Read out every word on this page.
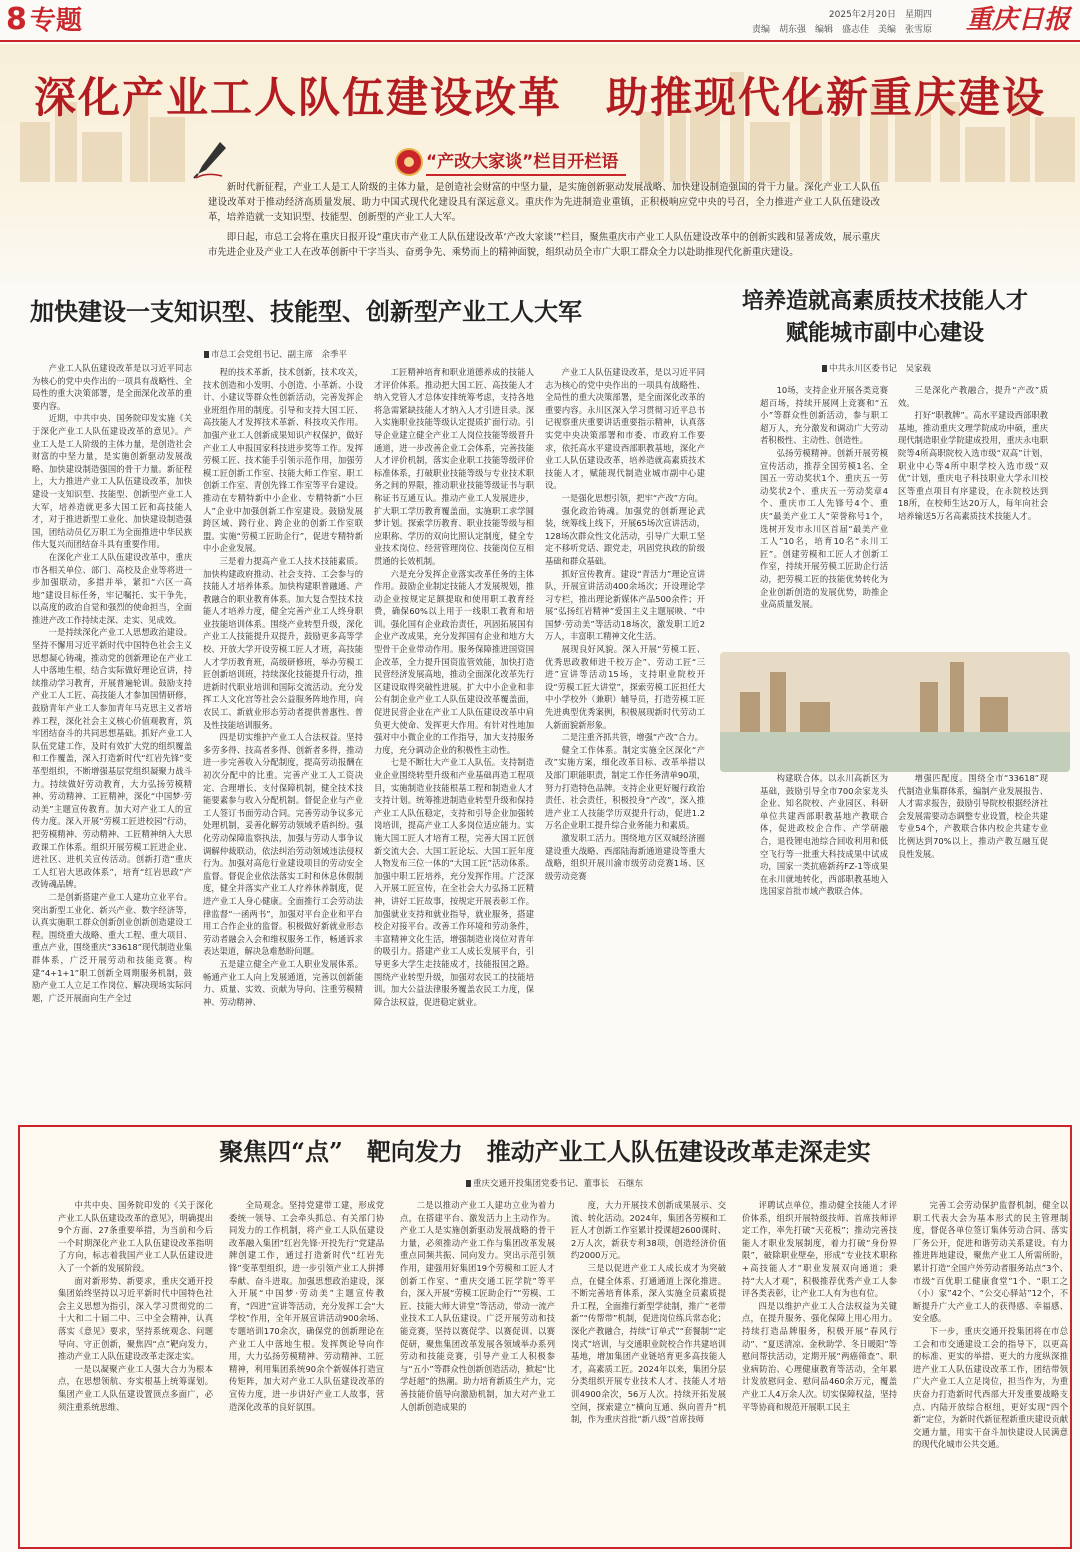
8 专题	2025年2月20日　星期四
责编　胡东强　编辑　盛志佳　美编　张雪原 重庆日报
深化产业工人队伍建设改革　助推现代化新重庆建设
“产改大家谈”栏目开栏语

新时代新征程，产业工人是工人阶级的主体力量，是创造社会财富的中坚力量，是实施创新驱动发展战略、加快建设制造强国的骨干力量。深化产业工人队伍建设改革对于推动经济高质量发展、助力中国式现代化建设具有深远意义。重庆作为先进制造业重镇，正积极响应党中央的号召，全力推进产业工人队伍建设改革，培养造就一支知识型、技能型、创新型的产业工人大军。

即日起，市总工会将在重庆日报开设“重庆市产业工人队伍建设改革‘产改大家谈’”栏目，聚焦重庆市产业工人队伍建设改革中的创新实践和显著成效，展示重庆市先进企业及产业工人在改革创新中干字当头、奋勇争先、乘势而上的精神面貌，组织动员全市广大职工群众全力以赴助推现代化新重庆建设。

加快建设一支知识型、技能型、创新型产业工人大军
市总工会党组书记、副主席　余季平

产业工人队伍建设改革是以习近平同志为核心的党中央作出的一项具有战略性、全局性的重大决策部署，是全面深化改革的重要内容。

近期，中共中央、国务院印发实施《关于深化产业工人队伍建设改革的意见》。产业工人是工人阶级的主体力量，是创造社会财富的中坚力量，是实施创新驱动发展战略、加快建设制造强国的骨干力量。新征程上，大力推进产业工人队伍建设改革，加快建设一支知识型、技能型、创新型产业工人大军，培养造就更多大国工匠和高技能人才，对于推进新型工业化、加快建设制造强国，团结动员亿万职工为全面推进中华民族伟大复兴而团结奋斗具有重要作用。

在深化产业工人队伍建设改革中，重庆市各相关单位、部门、高校及企业等将进一步加强联动，多措并举，紧扣“六区一高地”建设目标任务，牢记嘱托、实干争先，以高度的政治自觉和强烈的使命担当，全面推进产改工作持续走深、走实、见成效。

一是持续深化产业工人思想政治建设。坚持不懈用习近平新时代中国特色社会主义思想凝心铸魂，推动党的创新理论在产业工人中落地生根，结合实际做好理论宣讲，持续推动学习教育，开展普遍轮训。鼓励支持产业工人工匠、高技能人才参加国情研修，鼓励青年产业工人参加青年马克思主义者培养工程，深化社会主义核心价值观教育，筑牢团结奋斗的共同思想基础。抓好产业工人队伍党建工作，及时有效扩大党的组织覆盖和工作覆盖，深入打造新时代“红岩先锋”变革型组织，不断增强基层党组织凝聚力战斗力。持续做好劳动教育，大力弘扬劳模精神、劳动精神、工匠精神，深化“中国梦·劳动美”主题宣传教育。加大对产业工人的宣传力度。深入开展“劳模工匠进校园”行动，把劳模精神、劳动精神、工匠精神纳入大思政课工作体系。组织开展劳模工匠进企业、进社区、进机关宣传活动。创新打造“重庆工人红岩大思政体系”，培育“红岩思政”产改铸魂品牌。

二是创新搭建产业工人建功立业平台。突出新型工业化、新兴产业、数字经济等，认真实施职工群众创新创业创新创造建设工程。围绕重大战略、重大工程、重大项目、重点产业，围绕重庆“33618”现代制造业集群体系，广泛开展劳动和技能竞赛。构建“4+1+1”职工创新全周期服务机制，鼓励产业工人立足工作岗位、解决现场实际问题，广泛开展面向生产全过

程的技术革新，技术创新，技术攻关，技术创造和小发明、小创造、小革新、小设计、小建议等群众性创新活动，完善发挥企业班组作用的制度。引导和支持大国工匠、高技能人才发挥技术革新、科技攻关作用。加强产业工人创新成果知识产权保护，做好产业工人申报国家科技进步奖等工作。发挥劳模工匠、技术能手引领示范作用，加强劳模工匠创新工作室、技能大师工作室、职工创新工作室、青创先锋工作室等平台建设。推动在专精特新中小企业、专精特新“小巨人”企业中加强创新工作室建设。鼓励发展跨区域、跨行业、跨企业的创新工作室联盟。实施“劳模工匠助企行”，促进专精特新中小企业发展。

三是着力提高产业工人技术技能素质。加快构建政府推动、社会支持、工会参与的技能人才培养体系。加快构建职普融通、产教融合的职业教育体系。加大复合型技术技能人才培养力度，健全完善产业工人终身职业技能培训体系。围绕产业转型升级，深化产业工人技能提升双提升，鼓励更多高等学校、开放大学开设劳模工匠人才班，高技能人才学历教育班，高级研修班，举办劳模工匠创新培训班，持续深化技能提升行动，推进新时代职业培训和国际交流活动。充分发挥工人文化宫等社会公益服务阵地作用，向农民工、新就业形态劳动者提供普惠性、普及性技能培训服务。

四是切实维护产业工人合法权益。坚持多劳多得、技高者多得、创新者多得，推动进一步完善收入分配制度，提高劳动报酬在初次分配中的比重。完善产业工人工资决定、合理增长、支付保障机制，健全技术技能要素参与收入分配机制。督促企业与产业工人签订书面劳动合同。完善劳动争议多元处理机制，妥善化解劳动领域矛盾纠纷。强化劳动保障监察执法，加强与劳动人事争议调解仲裁联动，依法纠治劳动领域违法侵权行为。加强对高危行业建设项目的劳动安全监督。督促企业依法落实工时和休息休假制度，健全并落实产业工人疗养休养制度，促进产业工人身心健康。全面推行工会劳动法律监督“一函两书”，加强对平台企业和平台用工合作企业的监督。积极做好新就业形态劳动者融会入会和维权服务工作，畅通诉求表达渠道，解决急难愁盼问题。

五是建立健全产业工人职业发展体系。畅通产业工人向上发展通道，完善以创新能力、质量、实效、贡献为导向、注重劳模精神、劳动精神、

工匠精神培育和职业道德养成的技能人才评价体系。推动把大国工匠、高技能人才纳入党管人才总体安排统筹考虑，支持各地将急需紧缺技能人才纳入人才引进目录。深入实施职业技能等级认定提质扩面行动。引导企业建立健全产业工人岗位技能等级晋升通道，进一步改善企业工会体系，完善技能人才评价机制，落实企业职工技能等级评价标准体系，打破职业技能等级与专业技术职务之间的界限，推动职业技能等级证书与职称证书互通互认。推动产业工人发展进步，扩大职工学历教育覆盖面，实施职工求学圆梦计划。探索学历教育、职业技能等级与相应职称、学历的双向比照认定制度，健全专业技术岗位、经营管理岗位、技能岗位互相贯通的长效机制。

六是充分发挥企业落实改革任务的主体作用。鼓励企业制定技能人才发展规划，推动企业按规定足额提取和使用职工教育经费，确保60%以上用于一线职工教育和培训。强化国有企业政治责任，巩固拓展国有企业产改成果，充分发挥国有企业和地方大型骨干企业带动作用。服务保障推进国资国企改革，全力提升国资监管效能，加快打造民营经济发展高地，推动全面深化改革先行区建设取得突破性进展。扩大中小企业和非公有制企业产业工人队伍建设改革覆盖面，促进民营企业在产业工人队伍建设改革中肩负更大使命、发挥更大作用。有针对性地加强对中小微企业的工作指导，加大支持服务力度，充分调动企业的积极性主动性。

七是不断壮大产业工人队伍。支持制造业企业围绕转型升级和产业基础再造工程项目，实施制造业技能根基工程和制造业人才支持计划。统筹推进制造业转型升级和保持产业工人队伍稳定，支持和引导企业加强转岗培训，提高产业工人多岗位适应能力。实施大国工匠人才培育工程，完善大国工匠创新交流大会、大国工匠论坛、大国工匠年度人物发布三位一体的“大国工匠”活动体系。加强中职工匠培养，充分发挥作用。广泛深入开展工匠宣传，在全社会大力弘扬工匠精神，讲好工匠故事，按规定开展表彰工作。加强就业支持和就业指导，就业服务，搭建校企对接平台。改善工作环境和劳动条件，丰富精神文化生活，增强制造业岗位对青年的吸引力。搭建产业工人成长发展平台，引导更多大学生走技能成才，技能报国之路。围绕产业转型升级，加强对农民工的技能培训。加大公益法律服务覆盖农民工力度，保障合法权益，促进稳定就业。

培养造就高素质技术技能人才
赋能城市副中心建设
中共永川区委书记　吴家载

产业工人队伍建设改革，是以习近平同志为核心的党中央作出的一项具有战略性、全局性的重大决策部署，是全面深化改革的重要内容。永川区深入学习贯彻习近平总书记视察重庆重要讲话重要指示精神，认真落实党中央决策部署和市委、市政府工作要求，依托高水平建设西部职教基地，深化产业工人队伍建设改革，培养造就高素质技术技能人才，赋能现代制造业城市副中心建设。

一是强化思想引领，把牢“产改”方向。

强化政治铸魂。加强党的创新理论武装，统筹线上线下，开展65场次宣讲活动，128场次群众性文化活动，引导广大职工坚定不移听党话、跟党走，巩固党执政的阶级基础和群众基础。

抓好宣传教育。建设“青活力”理论宣讲队，开展宣讲活动400余场次；开设理论学习专栏，推出理论新媒体产品500余件；开展“弘扬红岩精神”爱国主义主题展映、“中国梦·劳动美”等活动18场次，激发职工近2万人，丰富职工精神文化生活。

展现良好风貌。深入开展“劳模工匠、优秀思政教师进千校万企”、劳动工匠“三进”宣讲等活动15场，支持职业院校开设“劳模工匠大讲堂”，探索劳模工匠担任大中小学校外（兼职）辅导员，打造劳模工匠先进典型优秀案例，积极展现新时代劳动工人新面貌新形象。

二是注重齐抓共管，增强“产改”合力。

健全工作体系。制定实施全区深化“产改”实施方案，细化改革目标、改革举措以及部门职能职责，制定工作任务清单90项，努力打造特色品牌。支持企业更好履行政治责任、社会责任，积极投身“产改”，深入推进产业工人技能学历双提升行动，促进1.2万名企业职工提升综合业务能力和素质。

激发职工活力。围绕地方区双城经济圈建设重大战略、西部陆海新通道建设等重大战略，组织开展川渝市级劳动竞赛1场、区级劳动竞赛

10场，支持企业开展各类竞赛超百场，持续开展网上竞赛和“五小”等群众性创新活动，参与职工超万人，充分激发和调动广大劳动者积极性、主动性、创造性。

弘扬劳模精神。创新开展劳模宣传活动，推荐全国劳模1名、全国五一劳动奖状1个、重庆五一劳动奖状2个、重庆五一劳动奖章4个、重庆市工人先锋号4个、重庆“最美产业工人”荣誉称号1个，选树开发市永川区首届“最美产业工人”10名，培育10名“永川工匠”。创建劳模和工匠人才创新工作室，持续开展劳模工匠助企行活动，把劳模工匠的技能优势转化为企业创新创造的发展优势，助推企业高质量发展。

三是深化产教融合，提升“产改”质效。

打好“职教牌”。高水平建设西部职教基地，推动重庆文理学院成功申硕，重庆现代制造职业学院建成投用，重庆永电职院等4所高职院校入选市级“双高”计划，职业中心等4所中职学校入选市级“双优”计划，重庆电子科技职业大学永川校区等重点项目有序建设，在永院校达到18所，在校师生达20万人，每年向社会培养输送5万名高素质技术技能人才。

构建联合体。以永川高新区为基础，鼓励引导全市700余家龙头企业、知名院校、产业园区、科研单位共建西部职教基地产教联合体，促进政校企合作、产学研融合，退役锂电池综合回收利用和低空飞行等一批重大科技成果中试成功，国家一类抗癌新药FZ-1等成果在永川就地转化，西部职教基地入选国家首批市域产教联合体。

增强匹配度。围绕全市“33618”现代制造业集群体系，编制产业发展报告、人才需求报告，鼓励引导院校根据经济社会发展需要动态调整专业设置，校企共建专业54个，产教联合体内校企共建专业比例达到70%以上，推动产教互融互促良性发展。

聚焦四“点”　靶向发力　推动产业工人队伍建设改革走深走实
重庆交通开投集团党委书记、董事长　石继东

中共中央、国务院印发的《关于深化产业工人队伍建设改革的意见》，明确提出9个方面、27条重要举措，为当前和今后一个时期深化产业工人队伍建设改革指明了方向，标志着我国产业工人队伍建设进入了一个新的发展阶段。

面对新形势、新要求，重庆交通开投集团始终坚持以习近平新时代中国特色社会主义思想为指引，深入学习贯彻党的二十大和二十届二中、三中全会精神，认真落实《意见》要求，坚持系统观念、问题导向、守正创新，聚焦四“点”靶向发力，推动产业工人队伍建设改革走深走实。

一是以凝聚产业工人强大合力为根本点，在思想领航、夯实根基上统筹谋划。集团产业工人队伍建设置顶点多面广，必须注重系统思维、

全局观念。坚持党建带工建，形成党委统一领导、工会牵头抓总、有关部门协同发力的工作机制，将产业工人队伍建设改革融入集团“红岩先锋·开投先行”党建品牌创建工作，通过打造新时代“红岩先锋”变革型组织，进一步引领产业工人拼搏奉献、奋斗进取。加强思想政治建设，深入开展“中国梦·劳动美”主题宣传教育，“四进”宣讲等活动，充分发挥工会“大学校”作用，全年开展宣讲活动900余场、专题培训170余次，确保党的创新理论在产业工人中落地生根。发挥舆论导向作用，大力弘扬劳模精神、劳动精神、工匠精神，利用集团系统90余个新媒体打造宣传矩阵，加大对产业工人队伍建设改革的宣传力度，进一步讲好产业工人故事，营造深化改革的良好氛围。

二是以推动产业工人建功立业为着力点，在搭建平台、激发活力上主动作为。产业工人是实施创新驱动发展战略的骨干力量，必须推动产业工作与集团改革发展重点同频共振、同向发力。突出示范引领作用，建强用好集团19个劳模和工匠人才创新工作室、“重庆交通工匠学院”等平台，深入开展“劳模工匠助企行”“劳模、工匠、技能大师大讲堂”等活动，带动一流产业技术工人队伍建设。广泛开展劳动和技能竞赛，坚持以赛促学、以赛促训、以赛促研，聚焦集团改革发展各领域举办系列劳动和技能竞赛，引导产业工人积极参与“五小”等群众性创新创造活动，掀起“比学赶超”的热潮。助力培育新质生产力，完善技能价值导向激励机制，加大对产业工人创新创造成果的

度，大力开展技术创新成果展示、交流、转化活动。2024年，集团各劳模和工匠人才创新工作室累计授课超2600课时、2万人次，新获专利38项，创造经济价值约2000万元。

三是以促进产业工人成长成才为突破点，在健全体系、打通通道上深化推进。不断完善培育体系，深入实施全员素质提升工程，全面推行新型学徒制，推广“老带新”“传帮带”机制，促进岗位练兵常态化；深化产教融合，持续“订单式”“套餐制”“定岗式”培训，与交通职业院校合作共建培训基地，增加集团产业链培育更多高技能人才，高素质工匠。2024年以来，集团分层分类组织开展专业技术人才、技能人才培训4900余次，56万人次。持续开拓发展空间，探索建立“横向互通、纵向晋升”机制，作为重庆首批“新八级”首席技师

评聘试点单位，推动健全技能人才评价体系，组织开展特级技师、首席技师评定工作，率先打破“天花板”；推动完善技能人才职业发展制度，着力打破“身份界限”，破除职业壁垒，形成“专业技术职称+高技能人才”职业发展双向通道；秉持“大人才观”，积极推荐优秀产业工人参评各类表彰，让产业工人有为也有位。

四是以维护产业工人合法权益为关键点，在提升服务、强化保障上用心用力。持续打造品牌服务，积极开展“春风行动”、“夏送清凉、金秋助学、冬日暖阳”等慰问帮扶活动，定期开展“两癌筛查”、职业病防治、心理健康教育等活动，全年累计发放慰问金、慰问品460余万元，覆盖产业工人4万余人次。切实保障权益，坚持平等协商和规范开展职工民主

完善工会劳动保护监督机制，健全以职工代表大会为基本形式的民主管理制度，督促各单位签订集体劳动合同、落实厂务公开，促进和谐劳动关系建设。有力推进阵地建设，聚焦产业工人所需所盼，累计打造“全国户外劳动者服务站点”3个、市级“百优职工健康食堂”1个、“职工之（小）家”42个、“公交心驿站”12个，不断提升广大产业工人的获得感、幸福感、安全感。

下一步，重庆交通开投集团将在市总工会和市交通建设工会的指导下，以更高的标准、更实的举措、更大的力度纵深推进产业工人队伍建设改革工作，团结带领广大产业工人立足岗位，担当作为，为重庆奋力打造新时代西部大开发重要战略支点、内陆开放综合枢纽，更好实现“四个新”定位，为新时代新征程新重庆建设贡献交通力量，用实干奋斗加快建设人民满意的现代化城市公共交通。
